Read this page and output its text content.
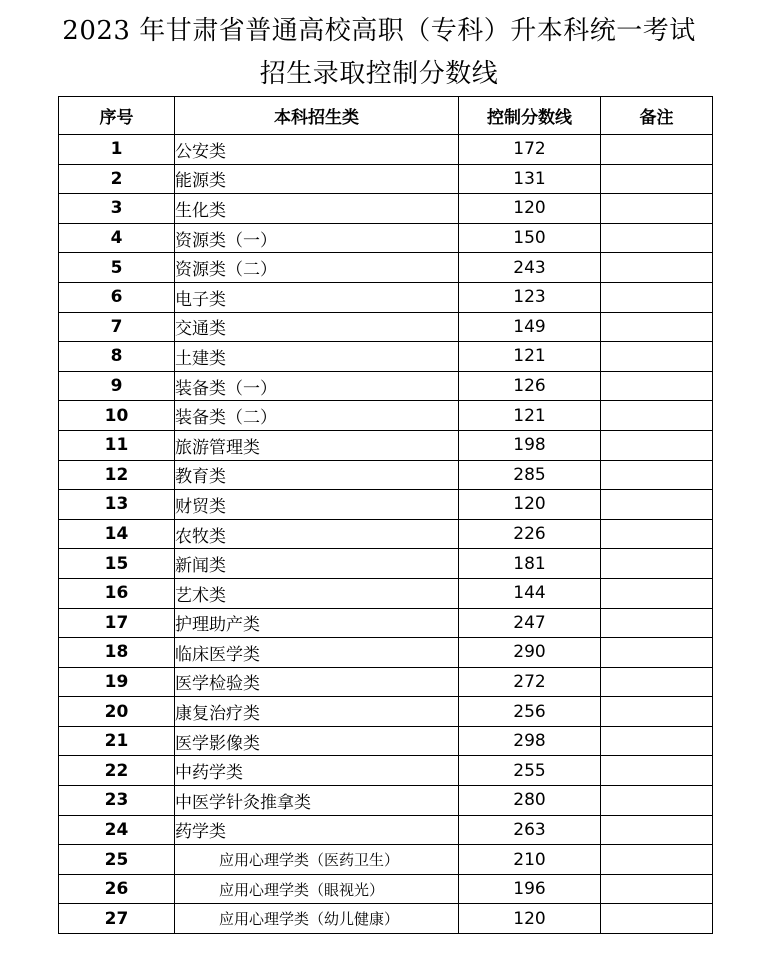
2023 年甘肃省普通高校高职（专科）升本科统一考试
招生录取控制分数线
序号	本科招生类	控制分数线	备注
1	公安类	172	
2	能源类	131	
3	生化类	120	
4	资源类（一）	150	
5	资源类（二）	243	
6	电子类	123	
7	交通类	149	
8	土建类	121	
9	装备类（一）	126	
10	装备类（二）	121	
11	旅游管理类	198	
12	教育类	285	
13	财贸类	120	
14	农牧类	226	
15	新闻类	181	
16	艺术类	144	
17	护理助产类	247	
18	临床医学类	290	
19	医学检验类	272	
20	康复治疗类	256	
21	医学影像类	298	
22	中药学类	255	
23	中医学针灸推拿类	280	
24	药学类	263	
25	应用心理学类（医药卫生）	210	
26	应用心理学类（眼视光）	196	
27	应用心理学类（幼儿健康）	120	
